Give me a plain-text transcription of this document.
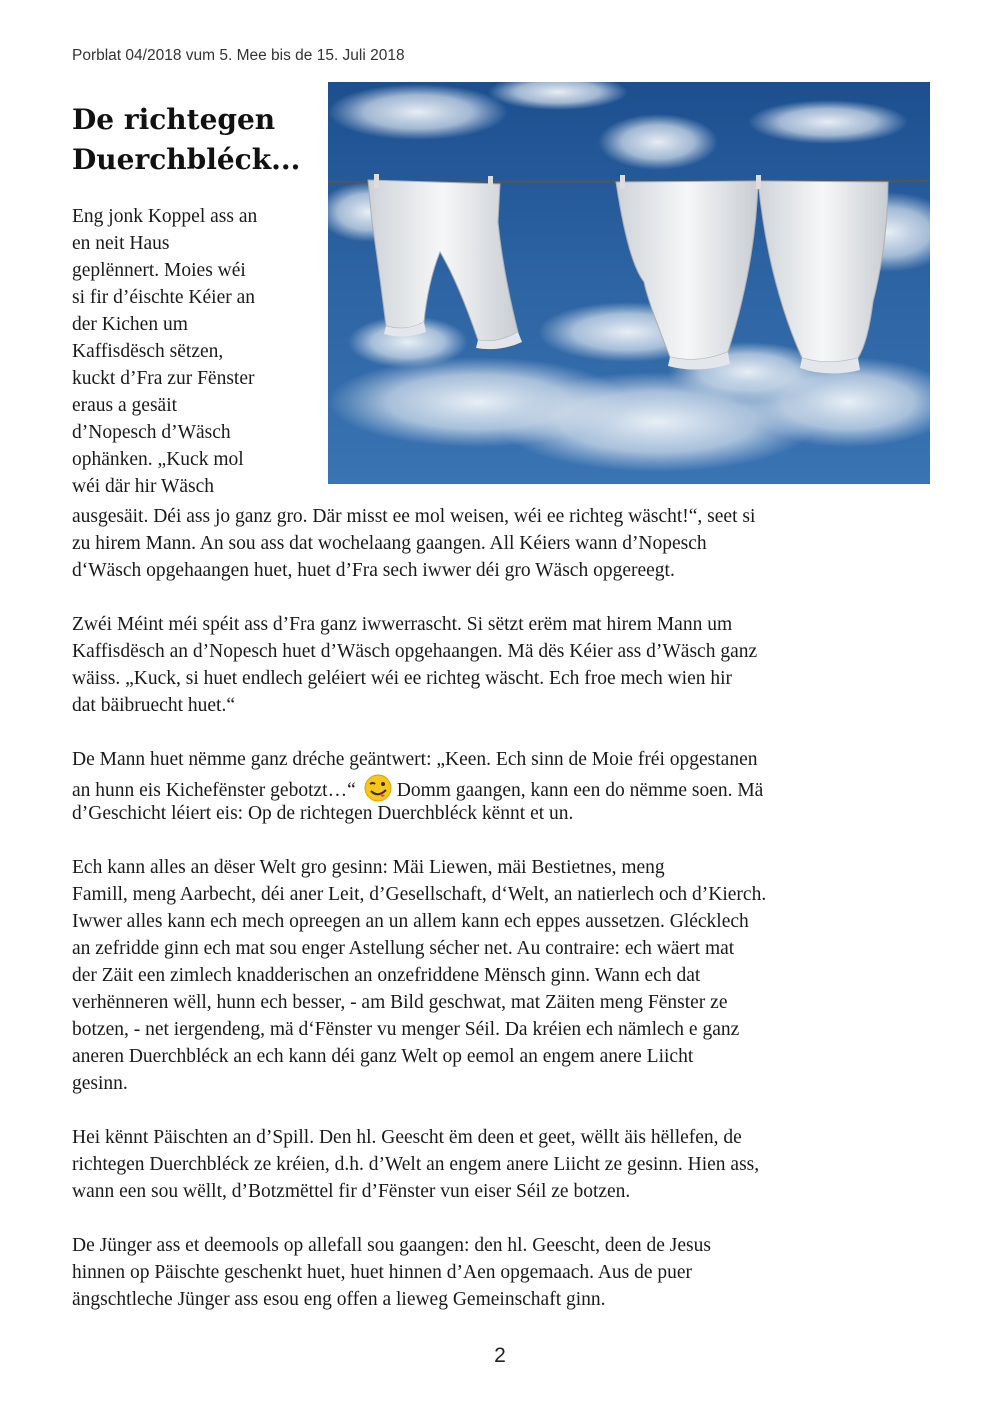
Porblat 04/2018 vum 5. Mee bis de 15. Juli 2018
De richtegen
Duerchbléck...

Eng jonk Koppel ass an

en neit Haus

geplënnert. Moies wéi

si fir d’éischte Kéier an

der Kichen um

Kaffisdësch sëtzen,

kuckt d’Fra zur Fënster

eraus a gesäit

d’Nopesch d’Wäsch

ophänken. „Kuck mol

wéi där hir Wäsch

ausgesäit. Déi ass jo ganz gro. Där misst ee mol weisen, wéi ee richteg wäscht!“, seet si

zu hirem Mann. An sou ass dat wochelaang gaangen. All Kéiers wann d’Nopesch

d‘Wäsch opgehaangen huet, huet d’Fra sech iwwer déi gro Wäsch opgereegt.

Zwéi Méint méi spéit ass d’Fra ganz iwwerrascht. Si sëtzt erëm mat hirem Mann um

Kaffisdësch an d’Nopesch huet d’Wäsch opgehaangen. Mä dës Kéier ass d’Wäsch ganz

wäiss. „Kuck, si huet endlech geléiert wéi ee richteg wäscht. Ech froe mech wien hir

dat bäibruecht huet.“

De Mann huet nëmme ganz dréche geäntwert: „Keen. Ech sinn de Moie fréi opgestanen

an hunn eis Kichefënster gebotzt…“ Domm gaangen, kann een do nëmme soen. Mä

d’Geschicht léiert eis: Op de richtegen Duerchbléck kënnt et un.

Ech kann alles an dëser Welt gro gesinn: Mäi Liewen, mäi Bestietnes, meng

Famill, meng Aarbecht, déi aner Leit, d’Gesellschaft, d‘Welt, an natierlech och d’Kierch.

Iwwer alles kann ech mech opreegen an un allem kann ech eppes aussetzen. Glécklech

an zefridde ginn ech mat sou enger Astellung sécher net. Au contraire: ech wäert mat

der Zäit een zimlech knadderischen an onzefriddene Mënsch ginn. Wann ech dat

verhënneren wëll, hunn ech besser, - am Bild geschwat, mat Zäiten meng Fënster ze

botzen, - net iergendeng, mä d‘Fënster vu menger Séil. Da kréien ech nämlech e ganz

aneren Duerchbléck an ech kann déi ganz Welt op eemol an engem anere Liicht

gesinn.

Hei kënnt Päischten an d’Spill. Den hl. Geescht ëm deen et geet, wëllt äis hëllefen, de

richtegen Duerchbléck ze kréien, d.h. d’Welt an engem anere Liicht ze gesinn. Hien ass,

wann een sou wëllt, d’Botzmëttel fir d’Fënster vun eiser Séil ze botzen.

De Jünger ass et deemools op allefall sou gaangen: den hl. Geescht, deen de Jesus

hinnen op Päischte geschenkt huet, huet hinnen d’Aen opgemaach. Aus de puer

ängschtleche Jünger ass esou eng offen a lieweg Gemeinschaft ginn.

2
